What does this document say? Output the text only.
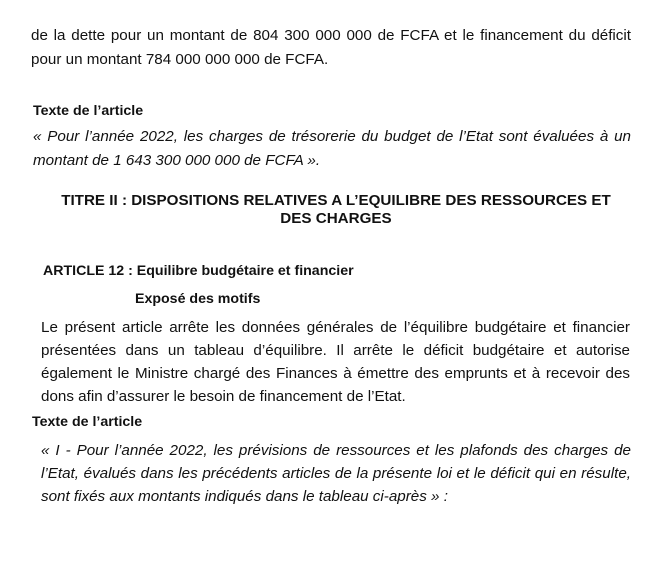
de la dette pour un montant de 804 300 000 000 de FCFA et le financement du déficit
pour un montant 784 000 000 000 de FCFA.
Texte de l’article
« Pour l’année 2022, les charges de trésorerie du budget de l’Etat sont évaluées à un
montant de 1 643 300 000 000 de FCFA ».
TITRE II : DISPOSITIONS RELATIVES A L’EQUILIBRE DES RESSOURCES ET
DES CHARGES
ARTICLE 12 : Equilibre budgétaire et financier
Exposé des motifs
Le présent article arrête les données générales de l’équilibre budgétaire et financier
présentées dans un tableau d’équilibre. Il arrête le déficit budgétaire et autorise
également le Ministre chargé des Finances à émettre des emprunts et à recevoir des
dons afin d’assurer le besoin de financement de l’Etat.
Texte de l’article
« I - Pour l’année 2022, les prévisions de ressources et les plafonds des charges de
l’Etat, évalués dans les précédents articles de la présente loi et le déficit qui en résulte,
sont fixés aux montants indiqués dans le tableau ci-après » :
